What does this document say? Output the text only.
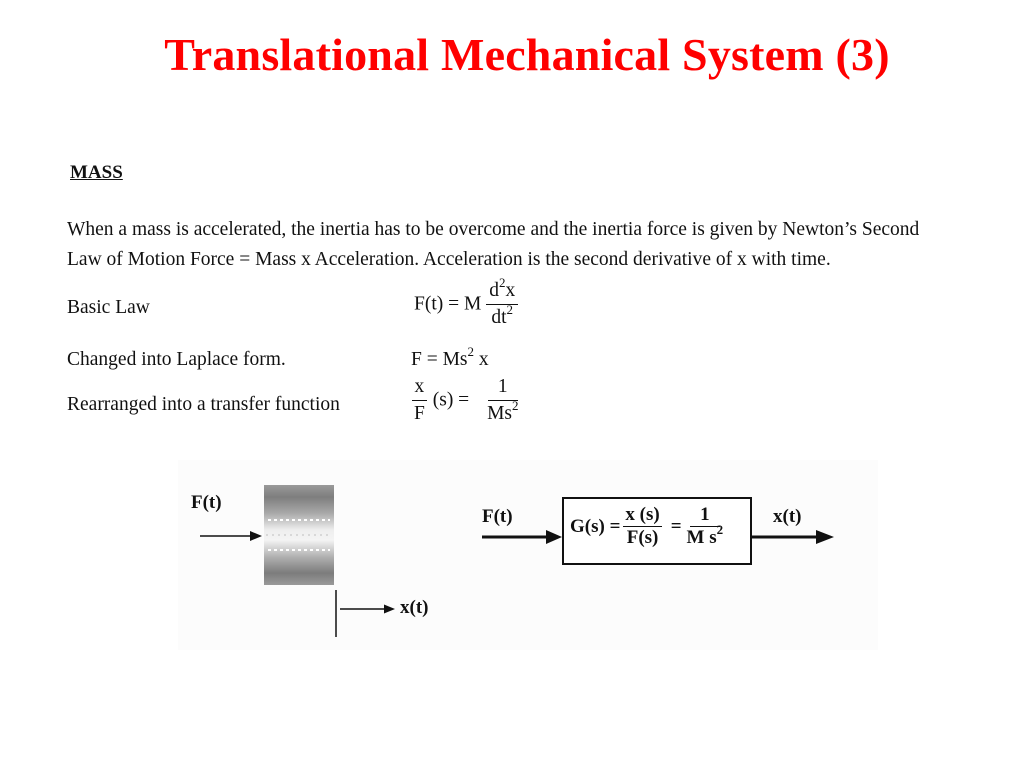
Translational Mechanical System (3)
MASS
When a mass is accelerated, the inertia has to be overcome and the inertia force is given by Newton’s Second
Law of Motion Force = Mass x Acceleration. Acceleration is the second derivative of x with time.
Basic Law	F(t) = M $\frac{d^2x}{dt^2}$
Changed into Laplace form.	$F = Ms^2$ x
Rearranged into a transfer function	$\frac{x}{F} (s) = \frac{1}{Ms^2}$
F(t)
x(t)
F(t)	x(t)
$G(s) = \frac{x (s)}{F(s)} = \frac{1}{M s^2}$
